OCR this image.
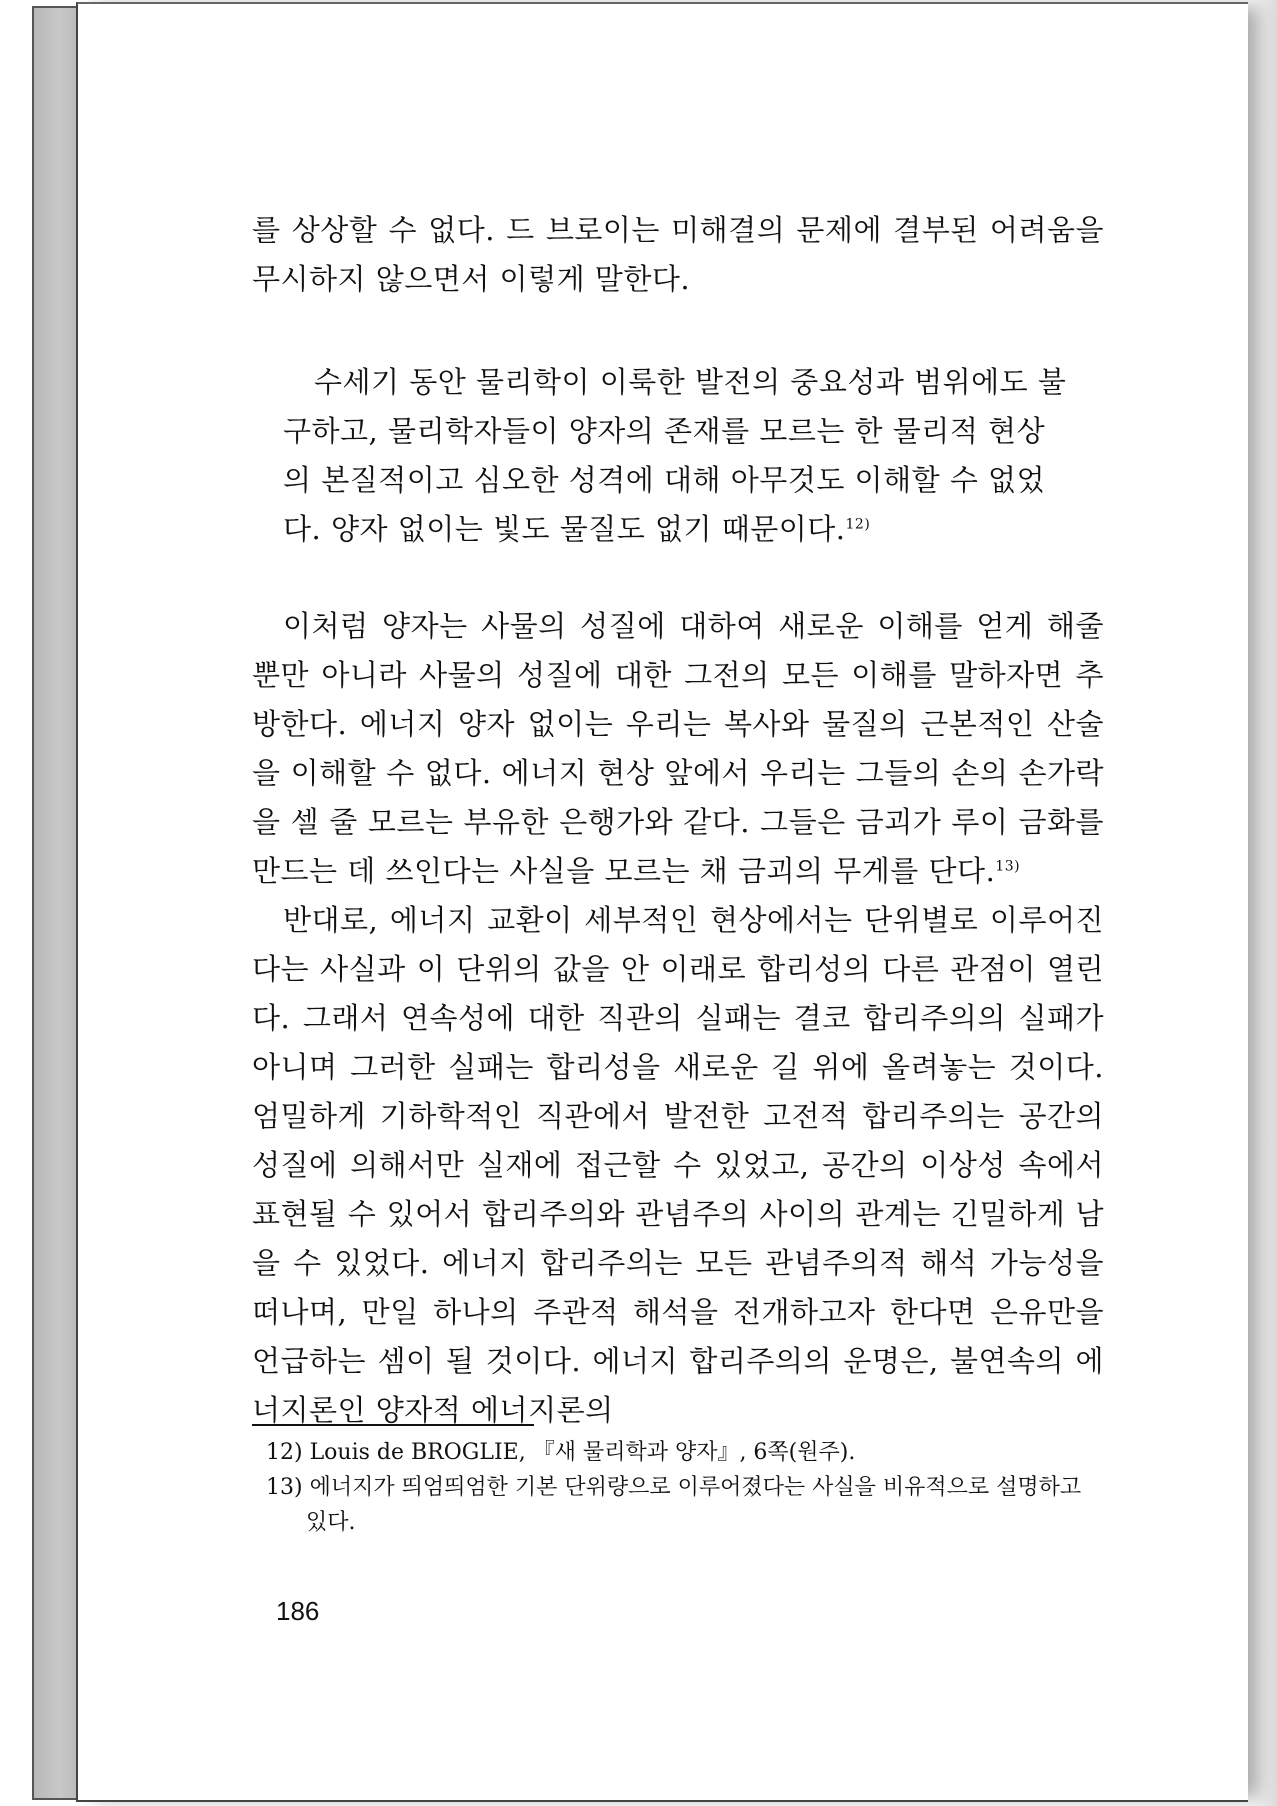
를 상상할 수 없다. 드 브로이는 미해결의 문제에 결부된 어려움을 무시하지 않으면서 이렇게 말한다.

수세기 동안 물리학이 이룩한 발전의 중요성과 범위에도 불구하고, 물리학자들이 양자의 존재를 모르는 한 물리적 현상의 본질적이고 심오한 성격에 대해 아무것도 이해할 수 없었다. 양자 없이는 빛도 물질도 없기 때문이다.$^{12)}$

이처럼 양자는 사물의 성질에 대하여 새로운 이해를 얻게 해줄 뿐만 아니라 사물의 성질에 대한 그전의 모든 이해를 말하자면 추방한다. 에너지 양자 없이는 우리는 복사와 물질의 근본적인 산술을 이해할 수 없다. 에너지 현상 앞에서 우리는 그들의 손의 손가락을 셀 줄 모르는 부유한 은행가와 같다. 그들은 금괴가 루이 금화를 만드는 데 쓰인다는 사실을 모르는 채 금괴의 무게를 단다.$^{13)}$

반대로, 에너지 교환이 세부적인 현상에서는 단위별로 이루어진다는 사실과 이 단위의 값을 안 이래로 합리성의 다른 관점이 열린다. 그래서 연속성에 대한 직관의 실패는 결코 합리주의의 실패가 아니며 그러한 실패는 합리성을 새로운 길 위에 올려놓는 것이다. 엄밀하게 기하학적인 직관에서 발전한 고전적 합리주의는 공간의 성질에 의해서만 실재에 접근할 수 있었고, 공간의 이상성 속에서 표현될 수 있어서 합리주의와 관념주의 사이의 관계는 긴밀하게 남을 수 있었다. 에너지 합리주의는 모든 관념주의적 해석 가능성을 떠나며, 만일 하나의 주관적 해석을 전개하고자 한다면 은유만을 언급하는 셈이 될 것이다. 에너지 합리주의의 운명은, 불연속의 에너지론인 양자적 에너지론의

12) Louis de BROGLIE, 『새 물리학과 양자』, 6쪽(원주).

13) 에너지가 띄엄띄엄한 기본 단위량으로 이루어졌다는 사실을 비유적으로 설명하고 있다.

186
